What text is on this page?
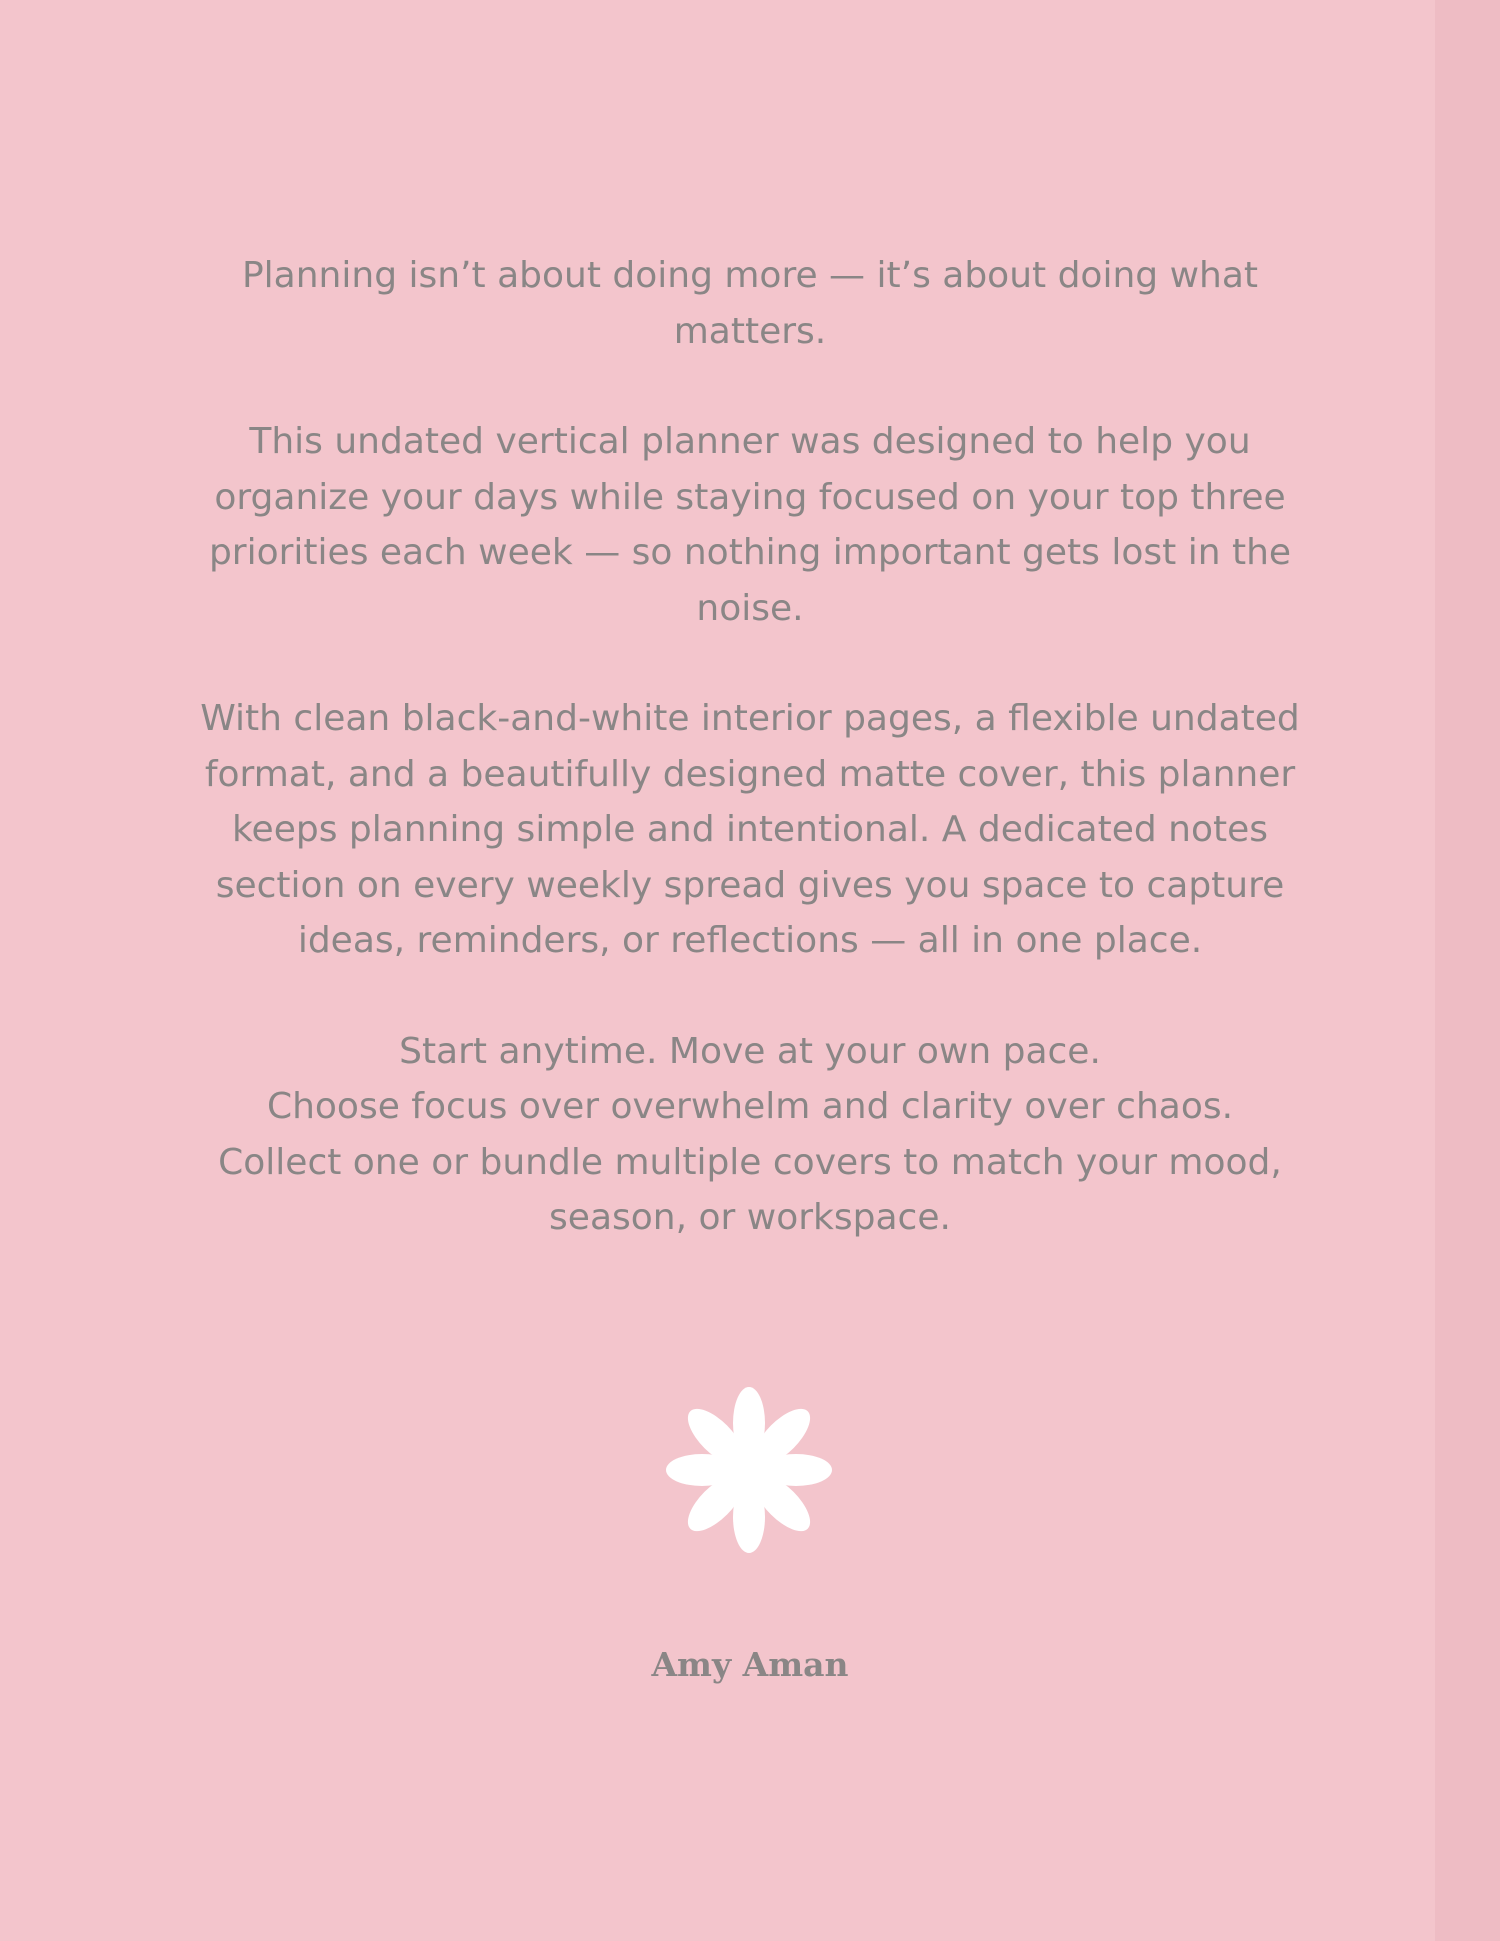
Planning isn’t about doing more — it’s about doing what
matters.

This undated vertical planner was designed to help you
organize your days while staying focused on your top three
priorities each week — so nothing important gets lost in the
noise.

With clean black-and-white interior pages, a flexible undated
format, and a beautifully designed matte cover, this planner
keeps planning simple and intentional. A dedicated notes
section on every weekly spread gives you space to capture
ideas, reminders, or reflections — all in one place.

Start anytime. Move at your own pace.
Choose focus over overwhelm and clarity over chaos.
Collect one or bundle multiple covers to match your mood,
season, or workspace.

Amy Aman
